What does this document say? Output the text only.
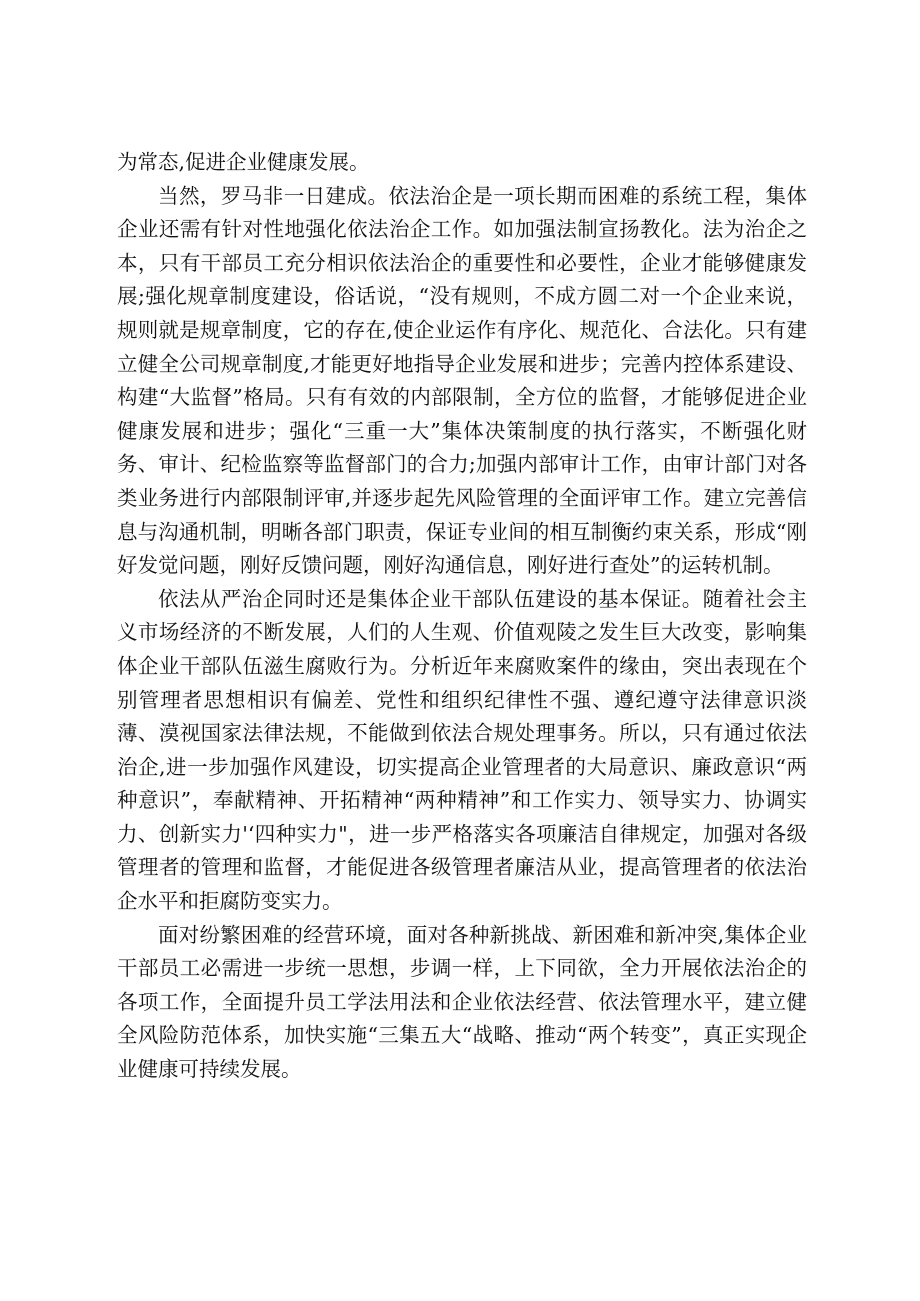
为常态,促进企业健康发展。

当然，罗马非一日建成。依法治企是一项长期而困难的系统工程，集体企业还需有针对性地强化依法治企工作。如加强法制宣扬教化。法为治企之本，只有干部员工充分相识依法治企的重要性和必要性，企业才能够健康发展;强化规章制度建设，俗话说，“没有规则，不成方圆二对一个企业来说，规则就是规章制度，它的存在,使企业运作有序化、规范化、合法化。只有建立健全公司规章制度,才能更好地指导企业发展和进步；完善内控体系建设、构建“大监督”格局。只有有效的内部限制，全方位的监督，才能够促进企业健康发展和进步；强化“三重一大”集体决策制度的执行落实，不断强化财务、审计、纪检监察等监督部门的合力;加强内部审计工作，由审计部门对各类业务进行内部限制评审,并逐步起先风险管理的全面评审工作。建立完善信息与沟通机制，明晰各部门职责，保证专业间的相互制衡约束关系，形成“刚好发觉问题，刚好反馈问题，刚好沟通信息，刚好进行查处”的运转机制。

依法从严治企同时还是集体企业干部队伍建设的基本保证。随着社会主义市场经济的不断发展，人们的人生观、价值观陵之发生巨大改变，影响集体企业干部队伍滋生腐败行为。分析近年来腐败案件的缘由，突出表现在个别管理者思想相识有偏差、党性和组织纪律性不强、遵纪遵守法律意识淡薄、漠视国家法律法规，不能做到依法合规处理事务。所以，只有通过依法治企,进一步加强作风建设，切实提高企业管理者的大局意识、廉政意识“两种意识”，奉献精神、开拓精神“两种精神”和工作实力、领导实力、协调实力、创新实力'‘四种实力"，进一步严格落实各项廉洁自律规定，加强对各级管理者的管理和监督，才能促进各级管理者廉洁从业，提高管理者的依法治企水平和拒腐防变实力。

面对纷繁困难的经营环境，面对各种新挑战、新困难和新冲突,集体企业干部员工必需进一步统一思想，步调一样，上下同欲，全力开展依法治企的各项工作，全面提升员工学法用法和企业依法经营、依法管理水平，建立健全风险防范体系，加快实施“三集五大“战略、推动“两个转变”，真正实现企业健康可持续发展。
